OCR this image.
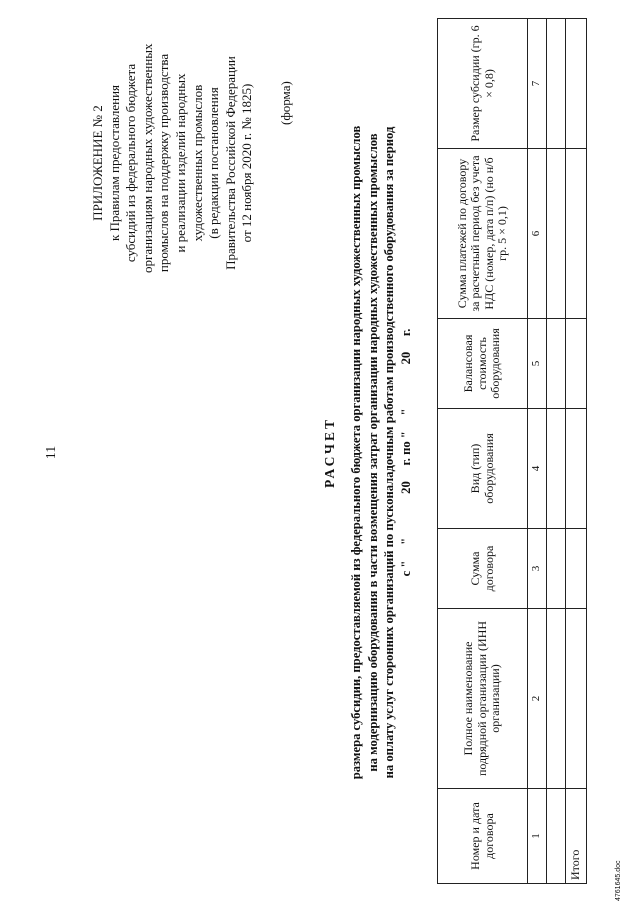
11
ПРИЛОЖЕНИЕ № 2 к Правилам предоставления субсидий из федерального бюджета организациям народных художественных промыслов на поддержку производства и реализации изделий народных художественных промыслов (в редакции постановления Правительства Российской Федерации от 12 ноября 2020 г. № 1825) (форма)
РАСЧЕТ размера субсидии, предоставляемой из федерального бюджета организации народных художественных промыслов на модернизацию оборудования в части возмещения затрат организации народных художественных промыслов на оплату услуг сторонних организаций по пусконаладочным работам производственного оборудования за период с "     "              20     г. по "     "              20     г.
Номер и дата договора	Полное наименование подрядной организации (ИНН организации)	Сумма договора	Вид (тип) оборудования	Балансовая стоимость оборудования	Сумма платежей по договору за расчетный период без учета НДС (номер, дата п/п) (но н/б гр. 5 × 0,1)	Размер субсидии (гр. 6 × 0,8)
1	2	3	4	5	6	7

Итого							4761645.doc
